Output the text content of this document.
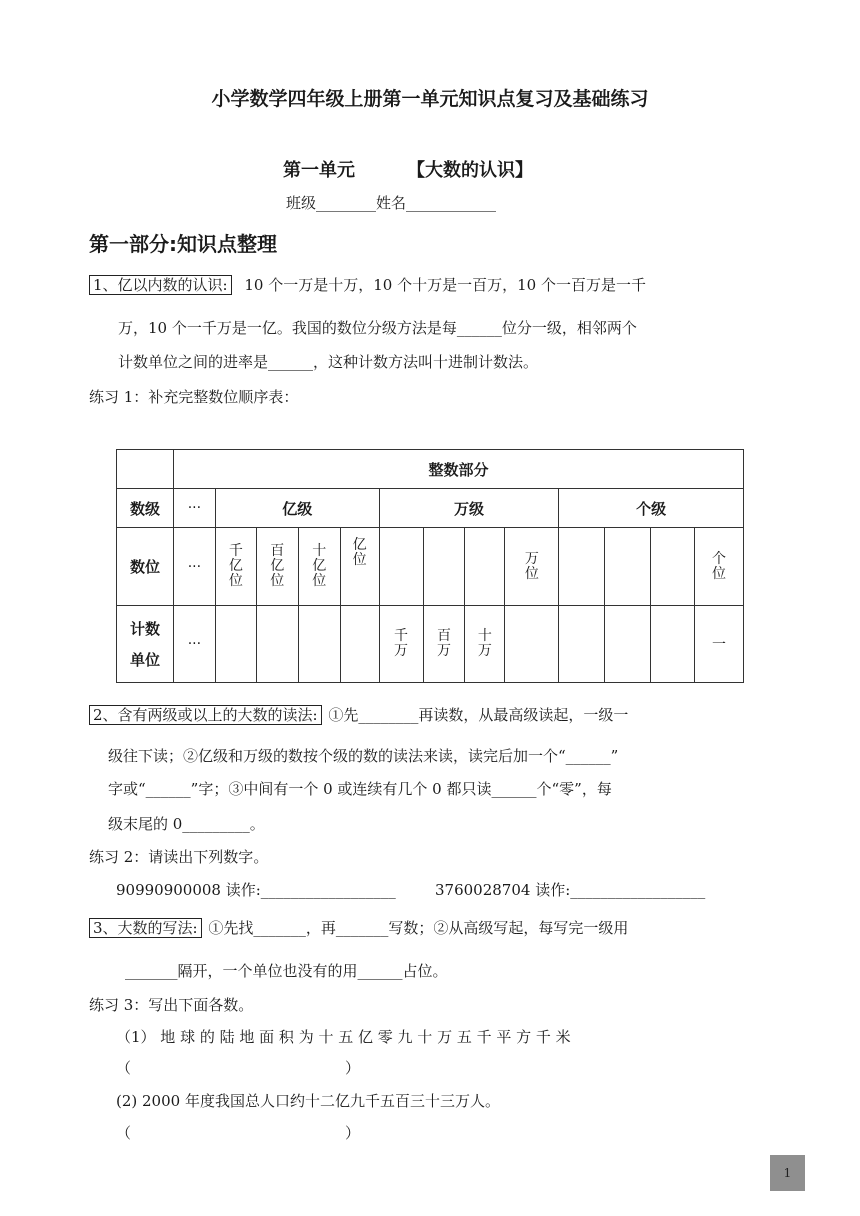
小学数学四年级上册第一单元知识点复习及基础练习
第一单元	【大数的认识】
班级________姓名____________
第一部分:知识点整理
1、亿以内数的认识: 10 个一万是十万，10 个十万是一百万，10 个一百万是一千
万，10 个一千万是一亿。我国的数位分级方法是每______位分一级，相邻两个
计数单位之间的进率是______，这种计数方法叫十进制计数法。
练习 1：补充完整数位顺序表：
	整数部分												
数级	···	亿级				万级				个级			
数位	···	千亿位	百亿位	十亿位	亿位				万位				个位

计数
单位	···					千万	百万	十万					一
2、含有两级或以上的大数的读法: ①先________再读数，从最高级读起，一级一
级往下读；②亿级和万级的数按个级的数的读法来读，读完后加一个“______”
字或“______”字；③中间有一个 0 或连续有几个 0 都只读______个“零”，每
级末尾的 0_________。
练习 2：请读出下列数字。
90990900008 读作:__________________	3760028704 读作:__________________
3、大数的写法: ①先找_______，再_______写数；②从高级写起，每写完一级用
_______隔开，一个单位也没有的用______占位。
练习 3：写出下面各数。
（1） 地 球 的 陆 地 面 积 为 十 五 亿 零 九 十 万 五 千 平 方 千 米
（	）
(2) 2000 年度我国总人口约十二亿九千五百三十三万人。
（	）
1
